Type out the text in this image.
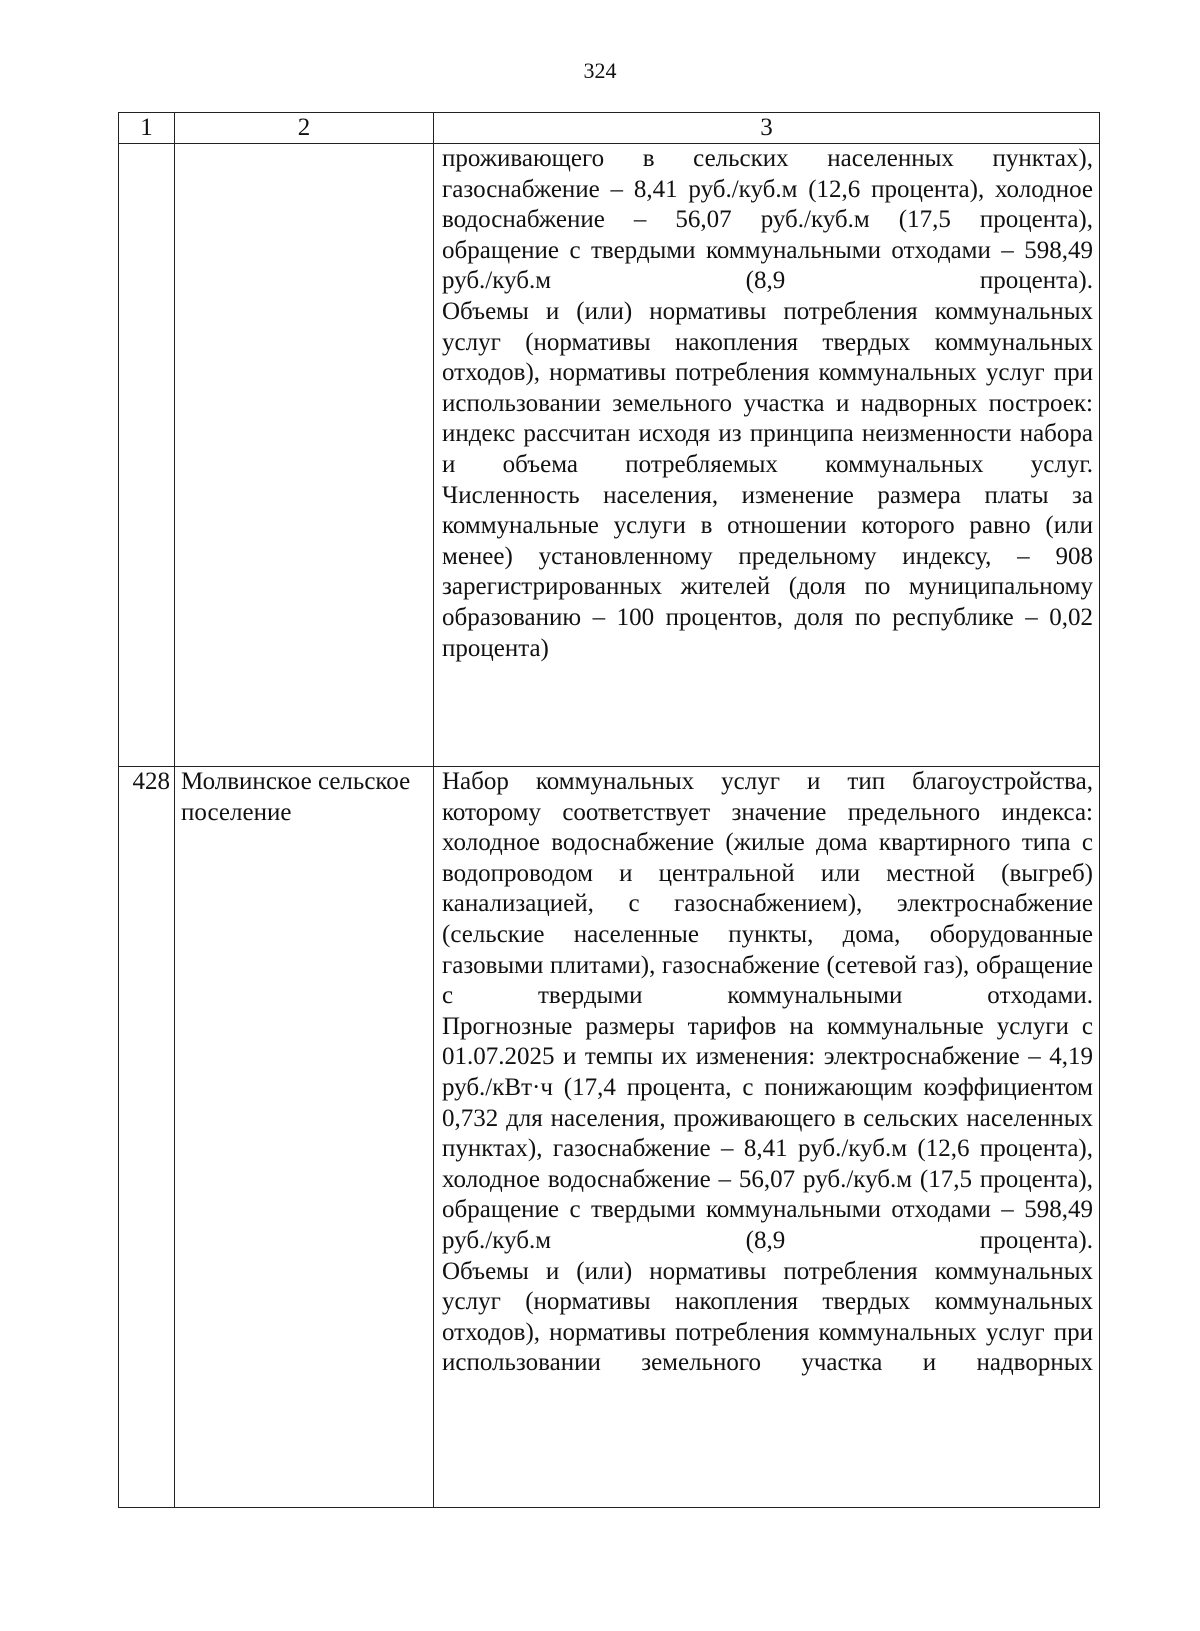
324
1	2	3

		проживающего в сельских населенных пунктах), газоснабжение – 8,41 руб./куб.м (12,6 процента), холодное водоснабжение – 56,07 руб./куб.м (17,5 процента), обращение с твердыми коммунальными отходами – 598,49 руб./куб.м (8,9 процента).

Объемы и (или) нормативы потребления коммунальных услуг (нормативы накопления твердых коммунальных отходов), нормативы потребления коммунальных услуг при использовании земельного участка и надворных построек: индекс рассчитан исходя из принципа неизменности набора и объема потребляемых коммунальных услуг.

Численность населения, изменение размера платы за коммунальные услуги в отношении которого равно (или менее) установленному предельному индексу, – 908 зарегистрированных жителей (доля по муниципальному образованию – 100 процентов, доля по республике – 0,02 процента)

428	Молвинское сельское поселение	Набор коммунальных услуг и тип благоустройства, которому соответствует значение предельного индекса: холодное водоснабжение (жилые дома квартирного типа с водопроводом и центральной или местной (выгреб) канализацией, с газоснабжением), электроснабжение (сельские населенные пункты, дома, оборудованные газовыми плитами), газоснабжение (сетевой газ), обращение с твердыми коммунальными отходами.

Прогнозные размеры тарифов на коммунальные услуги с 01.07.2025 и темпы их изменения: электроснабжение – 4,19 руб./кВт·ч (17,4 процента, с понижающим коэффициентом 0,732 для населения, проживающего в сельских населенных пунктах), газоснабжение – 8,41 руб./куб.м (12,6 процента), холодное водоснабжение – 56,07 руб./куб.м (17,5 процента), обращение с твердыми коммунальными отходами – 598,49 руб./куб.м (8,9 процента).

Объемы и (или) нормативы потребления коммунальных услуг (нормативы накопления твердых коммунальных отходов), нормативы потребления коммунальных услуг при использовании земельного участка и надворных
